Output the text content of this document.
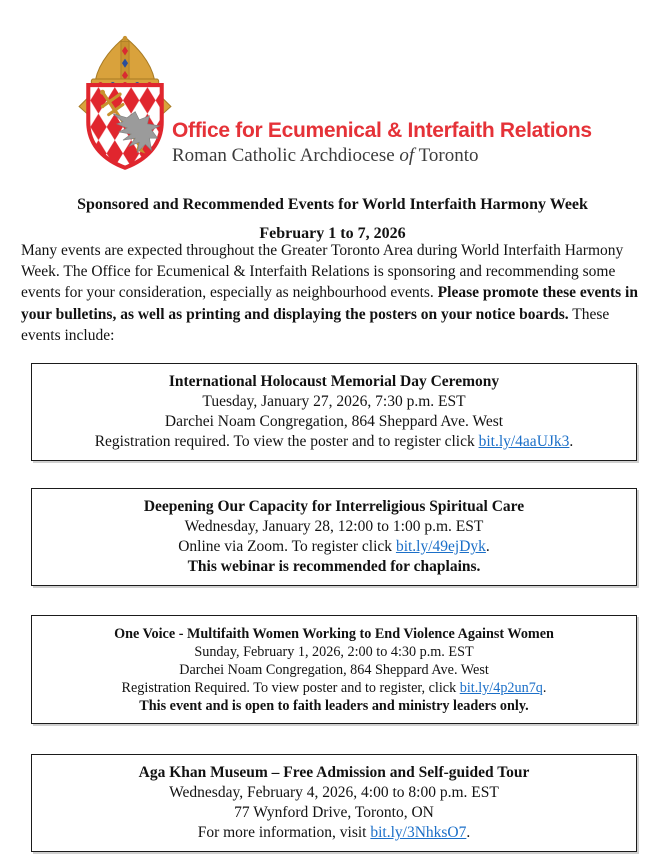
Office for Ecumenical & Interfaith Relations
Roman Catholic Archdiocese of Toronto
Sponsored and Recommended Events for World Interfaith Harmony Week
February 1 to 7, 2026

Many events are expected throughout the Greater Toronto Area during World Interfaith Harmony Week. The Office for Ecumenical & Interfaith Relations is sponsoring and recommending some events for your consideration, especially as neighbourhood events. Please promote these events in your bulletins, as well as printing and displaying the posters on your notice boards. These events include:

International Holocaust Memorial Day Ceremony
Tuesday, January 27, 2026, 7:30 p.m. EST
Darchei Noam Congregation, 864 Sheppard Ave. West
Registration required. To view the poster and to register click bit.ly/4aaUJk3.
Deepening Our Capacity for Interreligious Spiritual Care
Wednesday, January 28, 12:00 to 1:00 p.m. EST
Online via Zoom. To register click bit.ly/49ejDyk.
This webinar is recommended for chaplains.
One Voice - Multifaith Women Working to End Violence Against Women
Sunday, February 1, 2026, 2:00 to 4:30 p.m. EST
Darchei Noam Congregation, 864 Sheppard Ave. West
Registration Required. To view poster and to register, click bit.ly/4p2un7q.
This event and is open to faith leaders and ministry leaders only.
Aga Khan Museum – Free Admission and Self-guided Tour
Wednesday, February 4, 2026, 4:00 to 8:00 p.m. EST
77 Wynford Drive, Toronto, ON
For more information, visit bit.ly/3NhksO7.
